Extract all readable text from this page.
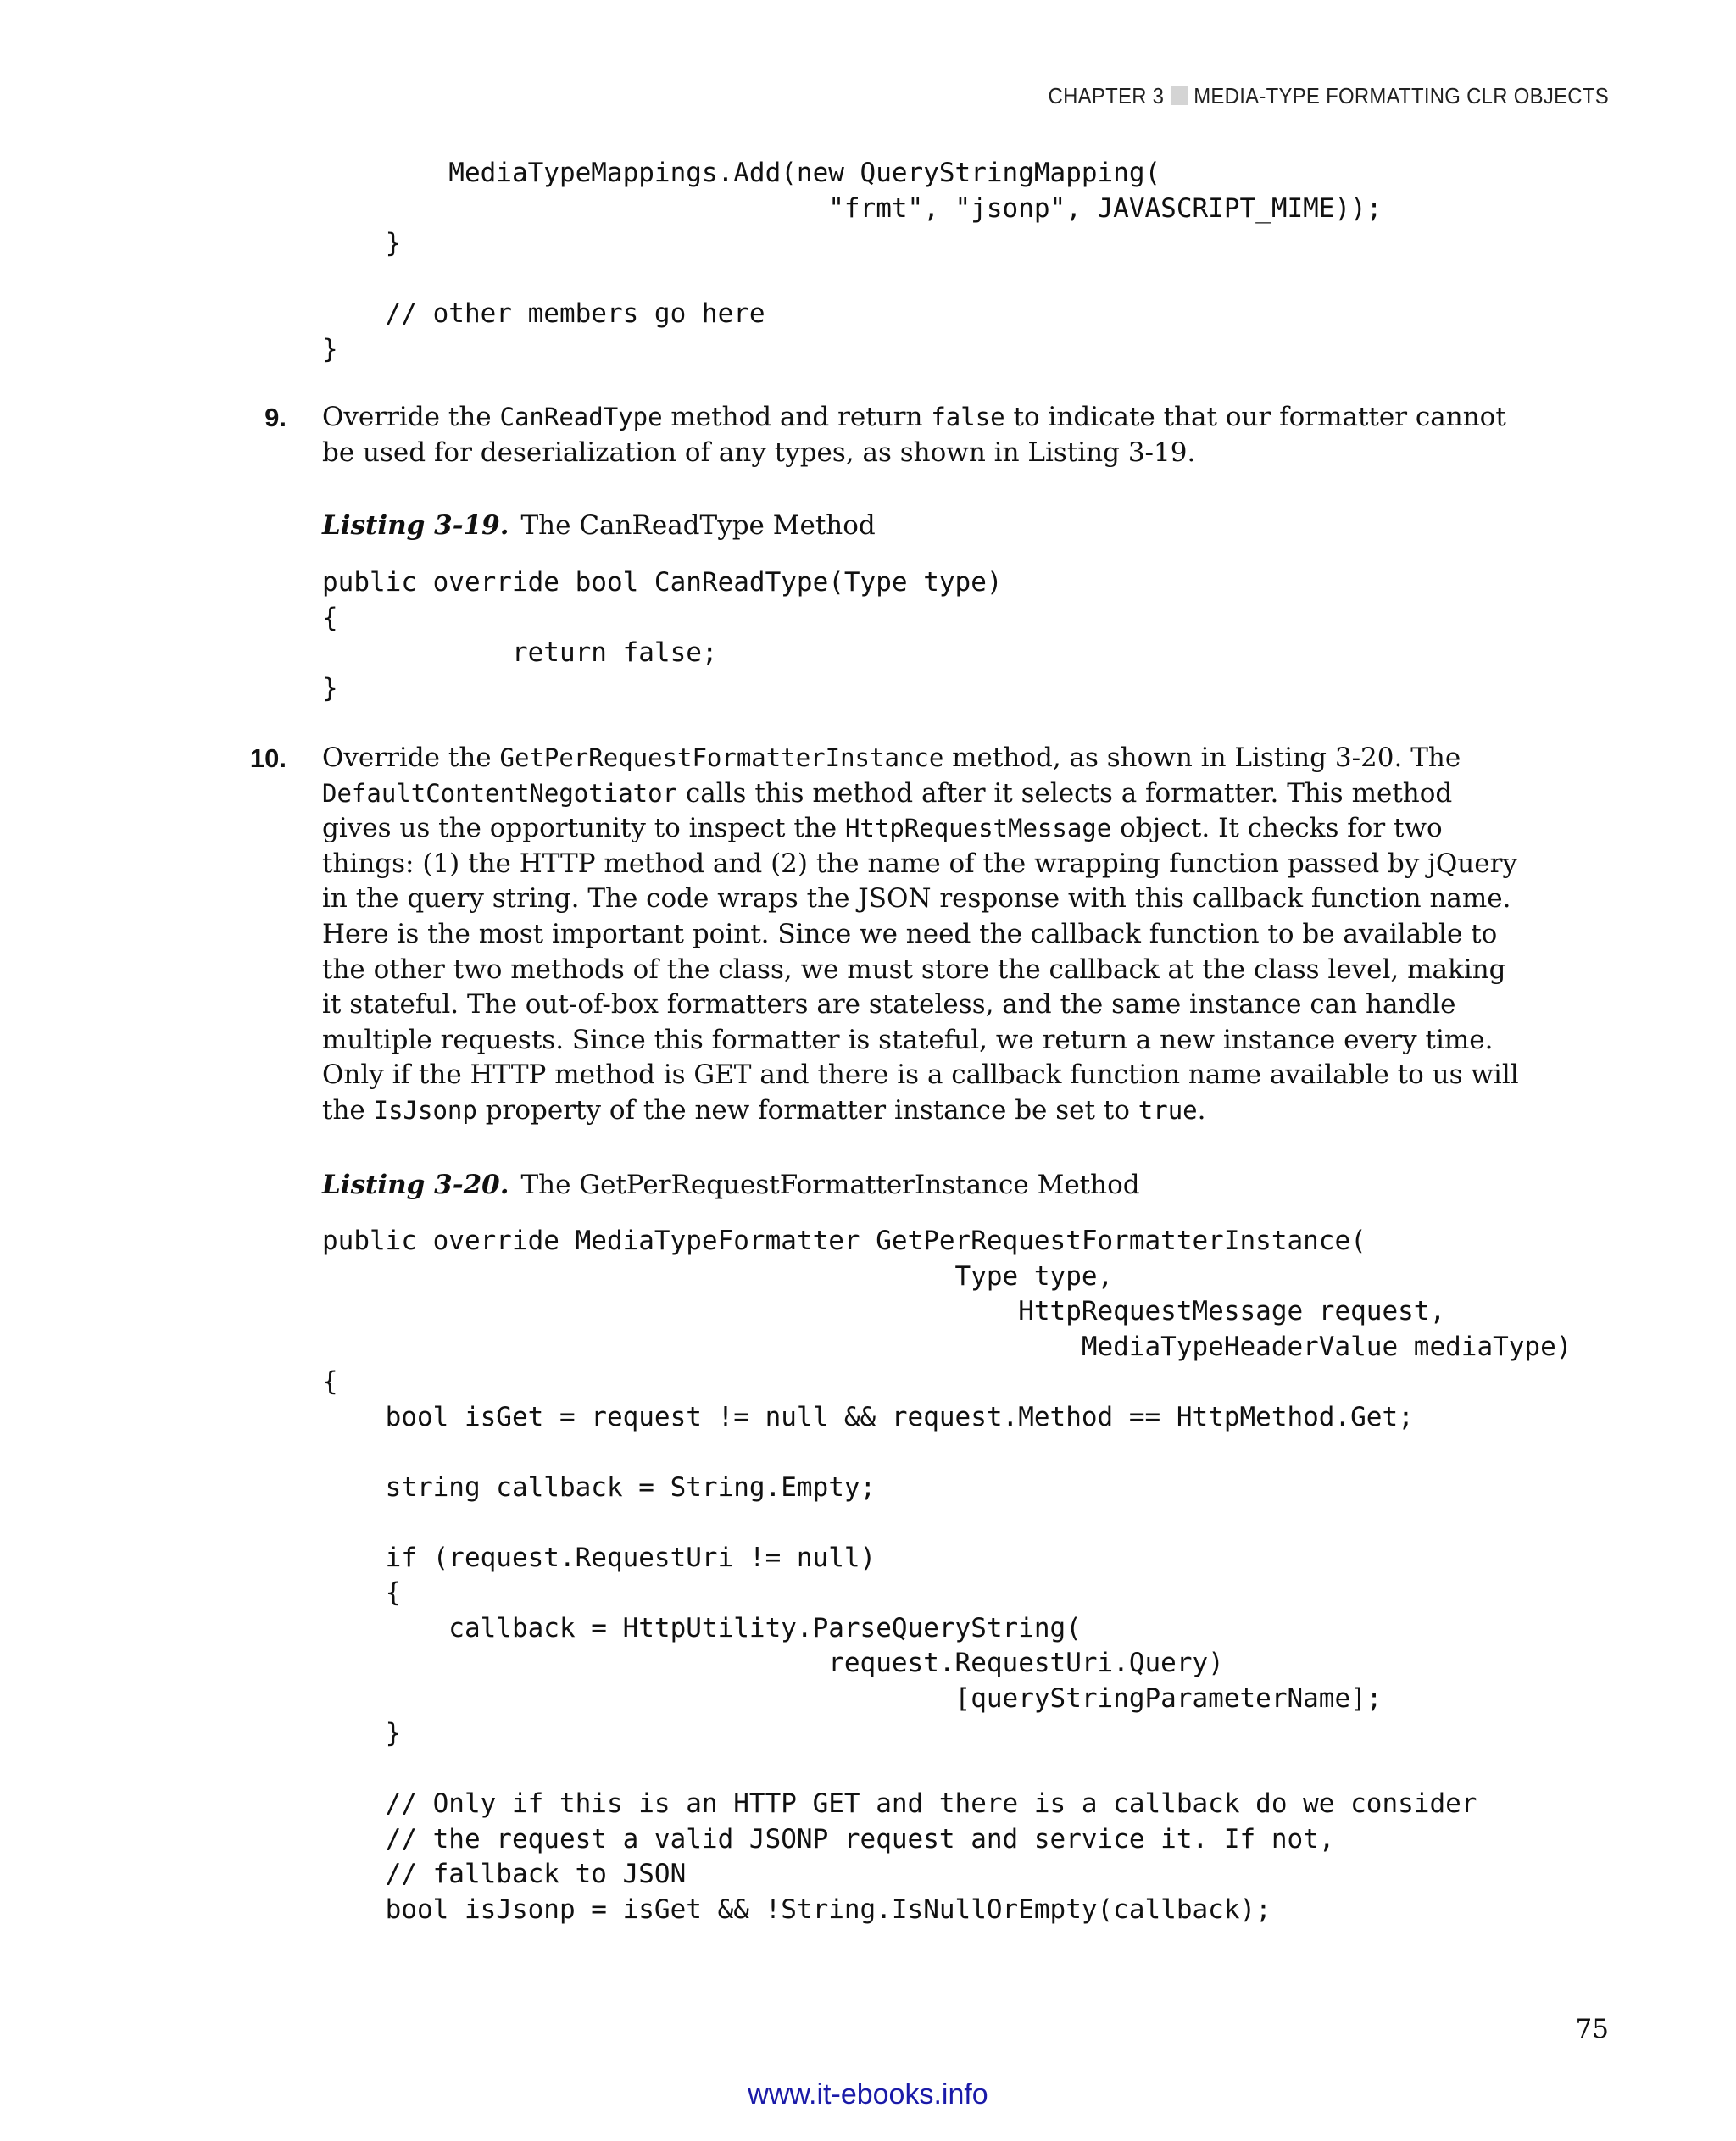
CHAPTER 3 MEDIA-TYPE FORMATTING CLR OBJECTS
MediaTypeMappings.Add(new QueryStringMapping(
"frmt", "jsonp", JAVASCRIPT_MIME));
}

// other members go here
}
9. Override the CanReadType method and return false to indicate that our formatter cannot
be used for deserialization of any types, as shown in Listing 3-19.
Listing 3-19. The CanReadType Method
public override bool CanReadType(Type type)
{
return false;
}
10. Override the GetPerRequestFormatterInstance method, as shown in Listing 3-20. The
DefaultContentNegotiator calls this method after it selects a formatter. This method
gives us the opportunity to inspect the HttpRequestMessage object. It checks for two
things: (1) the HTTP method and (2) the name of the wrapping function passed by jQuery
in the query string. The code wraps the JSON response with this callback function name.
Here is the most important point. Since we need the callback function to be available to
the other two methods of the class, we must store the callback at the class level, making
it stateful. The out-of-box formatters are stateless, and the same instance can handle
multiple requests. Since this formatter is stateful, we return a new instance every time.
Only if the HTTP method is GET and there is a callback function name available to us will
the IsJsonp property of the new formatter instance be set to true.
Listing 3-20. The GetPerRequestFormatterInstance Method
public override MediaTypeFormatter GetPerRequestFormatterInstance(
Type type,
HttpRequestMessage request,
MediaTypeHeaderValue mediaType)
{
bool isGet = request != null && request.Method == HttpMethod.Get;

string callback = String.Empty;

if (request.RequestUri != null)
{
callback = HttpUtility.ParseQueryString(
request.RequestUri.Query)
[queryStringParameterName];
}

// Only if this is an HTTP GET and there is a callback do we consider
// the request a valid JSONP request and service it. If not,
// fallback to JSON
bool isJsonp = isGet && !String.IsNullOrEmpty(callback);
75
www.it-ebooks.info
